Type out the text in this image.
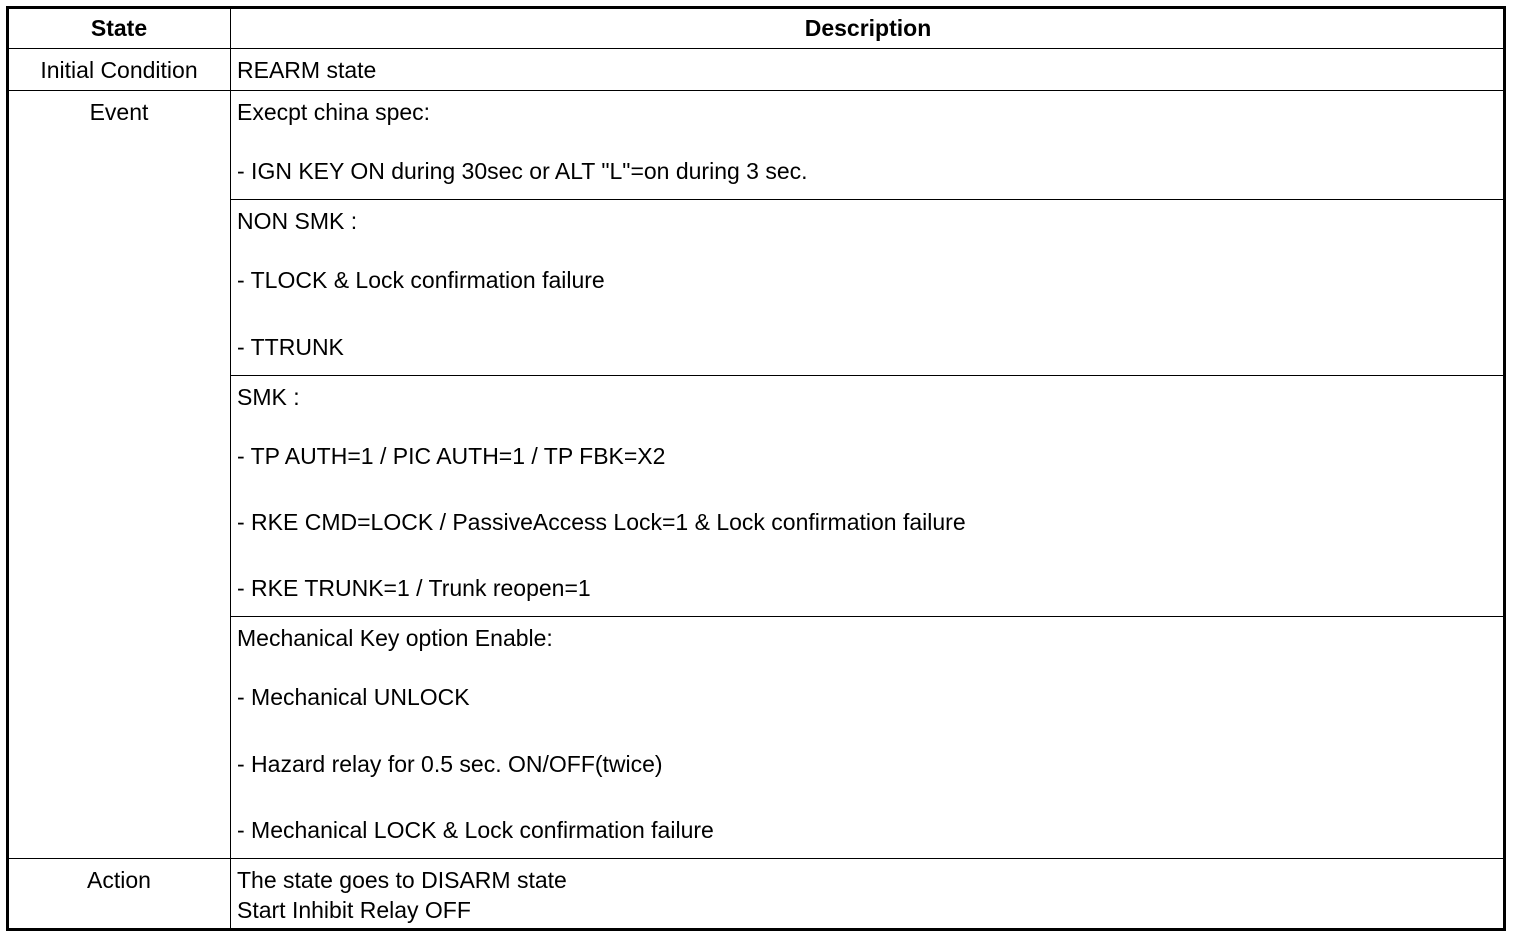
State	Description
Initial Condition	REARM state
Event	Execpt china spec:
- IGN KEY ON during 30sec or ALT "L"=on during 3 sec.
NON SMK :
- TLOCK & Lock confirmation failure
- TTRUNK
SMK :
- TP AUTH=1 / PIC AUTH=1 / TP FBK=X2
- RKE CMD=LOCK / PassiveAccess Lock=1 & Lock confirmation failure
- RKE TRUNK=1 / Trunk reopen=1
Mechanical Key option Enable:
- Mechanical UNLOCK
- Hazard relay for 0.5 sec. ON/OFF(twice)
- Mechanical LOCK & Lock confirmation failure
Action	The state goes to DISARM state
Start Inhibit Relay OFF
